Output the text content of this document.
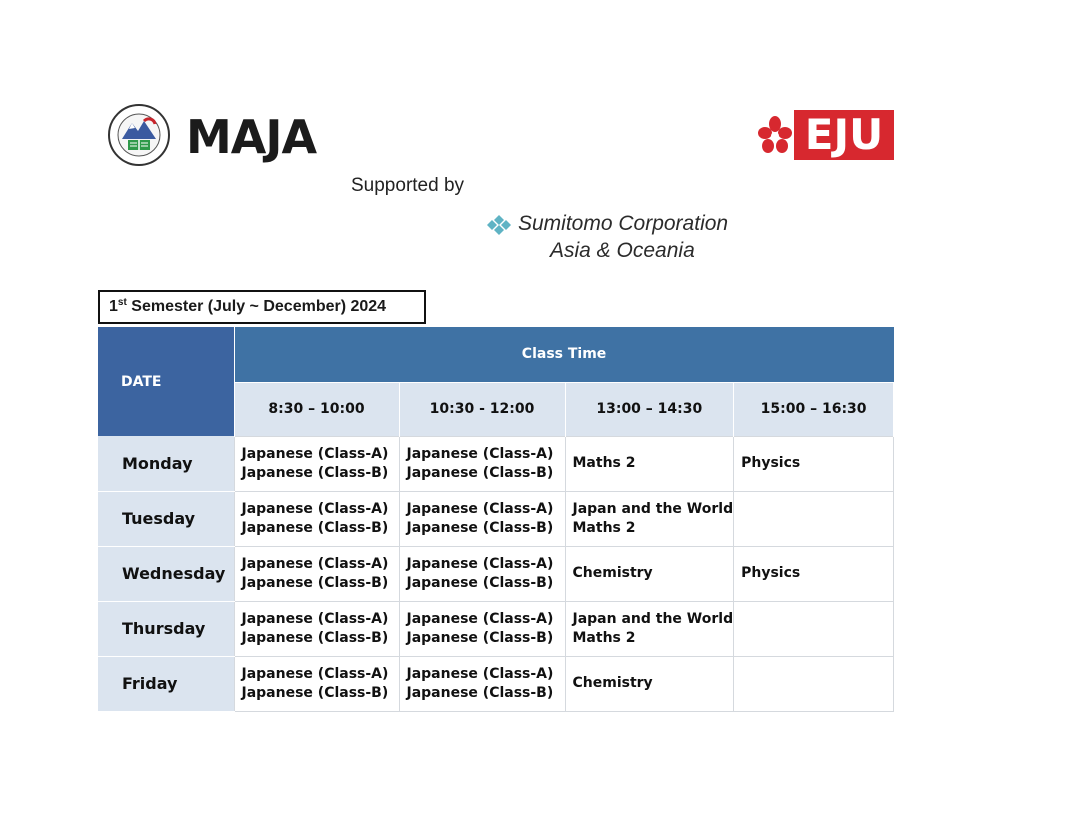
MAJA	EJU
Supported by
Sumitomo Corporation
Asia & Oceania
1st Semester (July ~ December) 2024
DATE	Class Time			
	8:30 – 10:00	10:30 - 12:00	13:00 – 14:30	15:00 – 16:30
Monday	Japanese (Class-A)
Japanese (Class-B)	Japanese (Class-A)
Japanese (Class-B)	Maths 2	Physics

Tuesday	Japanese (Class-A)
Japanese (Class-B)	Japanese (Class-A)
Japanese (Class-B)	Japan and the World
Maths 2	

Wednesday	Japanese (Class-A)
Japanese (Class-B)	Japanese (Class-A)
Japanese (Class-B)	Chemistry	Physics

Thursday	Japanese (Class-A)
Japanese (Class-B)	Japanese (Class-A)
Japanese (Class-B)	Japan and the World
Maths 2	

Friday	Japanese (Class-A)
Japanese (Class-B)	Japanese (Class-A)
Japanese (Class-B)	Chemistry	
